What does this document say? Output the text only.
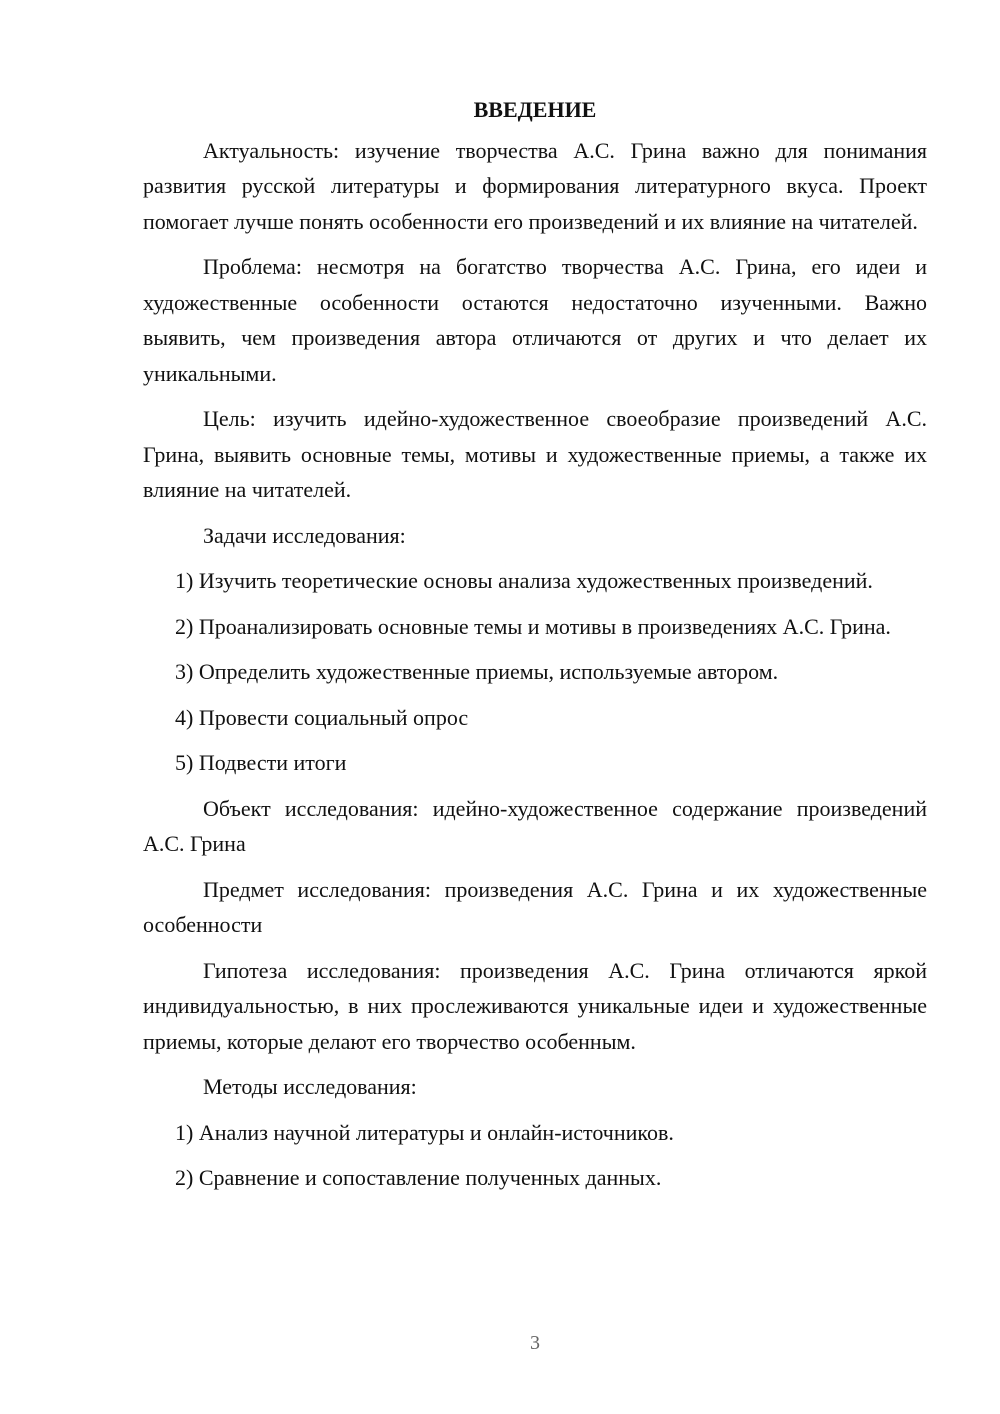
ВВЕДЕНИЕ

Актуальность: изучение творчества А.С. Грина важно для понимания развития русской литературы и формирования литературного вкуса. Проект помогает лучше понять особенности его произведений и их влияние на читателей.

Проблема: несмотря на богатство творчества А.С. Грина, его идеи и художественные особенности остаются недостаточно изученными. Важно выявить, чем произведения автора отличаются от других и что делает их уникальными.

Цель: изучить идейно-художественное своеобразие произведений А.С. Грина, выявить основные темы, мотивы и художественные приемы, а также их влияние на читателей.

Задачи исследования:

1) Изучить теоретические основы анализа художественных произведений.

2) Проанализировать основные темы и мотивы в произведениях А.С. Грина.

3) Определить художественные приемы, используемые автором.

4) Провести социальный опрос

5) Подвести итоги

Объект исследования: идейно-художественное содержание произведений А.С. Грина

Предмет исследования: произведения А.С. Грина и их художественные особенности

Гипотеза исследования: произведения А.С. Грина отличаются яркой индивидуальностью, в них прослеживаются уникальные идеи и художественные приемы, которые делают его творчество особенным.

Методы исследования:

1) Анализ научной литературы и онлайн-источников.

2) Сравнение и сопоставление полученных данных.

3
